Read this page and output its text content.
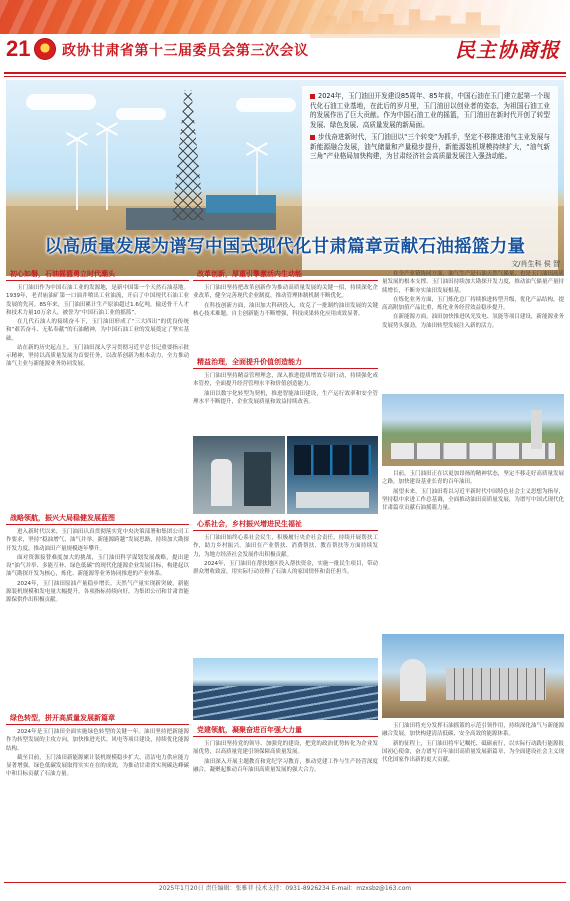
21 政协甘肃省第十三届委员会第三次会议	民主协商报

2024年，玉门油田开发建设85周年、85年前，中国石油在玉门建立起第一个现代化石油工业基地，在此后的岁月里，玉门油田以创业者的姿态，为祖国石油工业的发展作出了巨大贡献。作为中国石油工业的摇篮，玉门油田在新时代开创了转型发展、绿色发展、高质量发展的新局面。

步伐奋进新时代，玉门油田以“三个转变”为抓手，坚定不移推进油气主业发展与新能源融合发展，油气储量和产量稳步提升，新能源装机规模持续扩大，“油气新三角”产业格局加快构建，为甘肃经济社会高质量发展注入强劲动能。

以高质量发展为谱写中国式现代化甘肃篇章贡献石油摇篮力量
文/肖生科 侯 智
初心如磐，石油摇篮勇立时代潮头

玉门油田作为中国石油工业的发源地，是新中国第一个天然石油基地。1939年，老君庙油矿第一口油井喷出工业油流，开启了中国现代石油工业发展的先河。85年来，玉门油田累计生产原油超过1.6亿吨，输送骨干人才和技术力量10万余人，被誉为“中国石油工业的摇篮”。

在几代石油人的接续奋斗下，玉门油田形成了“三大四出”的优良传统和“艰苦奋斗、无私奉献”的石油精神，为中国石油工业的发展奠定了坚实基础。

站在新的历史起点上，玉门油田深入学习贯彻习近平总书记重要指示批示精神，坚持以高质量发展为首要任务，以改革创新为根本动力，全力推动油气主业与新能源业务协同发展。

战略领航，振兴大局稳健发展蓝图

进入新时代以来，玉门油田认真贯彻落实党中央决策部署和集团公司工作要求，坚持“稳油增气、油气并举、新能源跨越”发展思路，持续加大勘探开发力度，推动油田产量规模逐年攀升。

面对资源接替难度加大的挑战，玉门油田科学谋划发展战略，提出建设“油气并举、多能互补、绿色低碳”的现代化能源企业发展目标，构建起以油气勘探开发为核心，炼化、新能源等业务协同推进的产业体系。

2024年，玉门油田原油产量稳步增长，天然气产量实现新突破，新能源装机规模和发电量大幅提升，各项指标持续向好，为集团公司和甘肃省能源保供作出积极贡献。

绿色转型，拼开高质量发展新篇章

2024年是玉门油田全面实施绿色转型的关键一年。油田坚持把新能源作为转型发展的主攻方向，加快推进光伏、风电等项目建设，持续优化能源结构。

截至目前，玉门油田新能源累计装机规模稳步扩大，清洁电力供应能力显著增强，绿色低碳发展取得实实在在的成效，为推动甘肃省实现碳达峰碳中和目标贡献了石油力量。

改革创新，厚重引擎激活内生动能

玉门油田坚持把改革创新作为推动高质量发展的关键一招，持续深化企业改革，健全完善现代企业制度，推动管理体制机制不断优化。

在科技创新方面，油田加大科研投入，攻克了一批制约油田发展的关键核心技术难题，自主创新能力不断增强，科技成果转化应用成效显著。

精益治理，全面提升价值创造能力

玉门油田坚持精益管理理念，深入推进提质增效专项行动，持续强化成本管控，全面提升经营管理水平和价值创造能力。

油田以数字化转型为契机，推进智能油田建设，生产运行效率和安全管理水平不断提升，企业发展质量和效益持续改善。

心系社会，乡村振兴增进民生福祉

玉门油田始终心系社会民生，积极履行央企社会责任，持续开展帮扶工作，助力乡村振兴。油田在产业帮扶、消费帮扶、教育帮扶等方面持续发力，为地方经济社会发展作出积极贡献。

2024年，玉门油田在帮扶地区投入帮扶资金，实施一批民生项目，带动群众增收致富，用实际行动诠释了石油人的家国情怀和责任担当。

党建领航，凝聚奋进百年强大力量

玉门油田坚持党的领导、加强党的建设，把党的政治优势转化为企业发展优势，以高质量党建引领保障高质量发展。

油田深入开展主题教育和党纪学习教育，推动党建工作与生产经营深度融合，凝聚起推动百年油田高质量发展的强大合力。

在全产业链协同方面，油气生产是石油天然气储量，也是玉门油田高质量发展的根本支撑。玉门油田持续加大勘探开发力度，推动油气储量产量持续增长，不断夯实油田发展根基。

在炼化业务方面，玉门炼化总厂持续推进转型升级，优化产品结构，提高高附加值产品比重，炼化业务经营效益稳步提升。

在新能源方面，油田加快推进风光发电、氢能等项目建设，新能源业务发展势头强劲，为油田转型发展注入新的活力。

目前，玉门油田正在以更加昂扬的精神状态，坚定不移走好高质量发展之路，加快建设基业长青的百年油田。

展望未来，玉门油田将以习近平新时代中国特色社会主义思想为指导，坚持稳中求进工作总基调，全面推动油田高质量发展，为谱写中国式现代化甘肃篇章贡献石油摇篮力量。

玉门油田将充分发挥石油摇篮的示范引领作用，持续深化油气与新能源融合发展，加快构建清洁低碳、安全高效的能源体系。

新的征程上，玉门油田将牢记嘱托、砥砺前行，以实际行动践行能源报国初心使命，奋力谱写百年油田高质量发展新篇章，为全面建设社会主义现代化国家作出新的更大贡献。

2025年1月20日 责任编辑：张雅菲 技术支持：0931-8926234 E-mail：mzxsbz@163.com
